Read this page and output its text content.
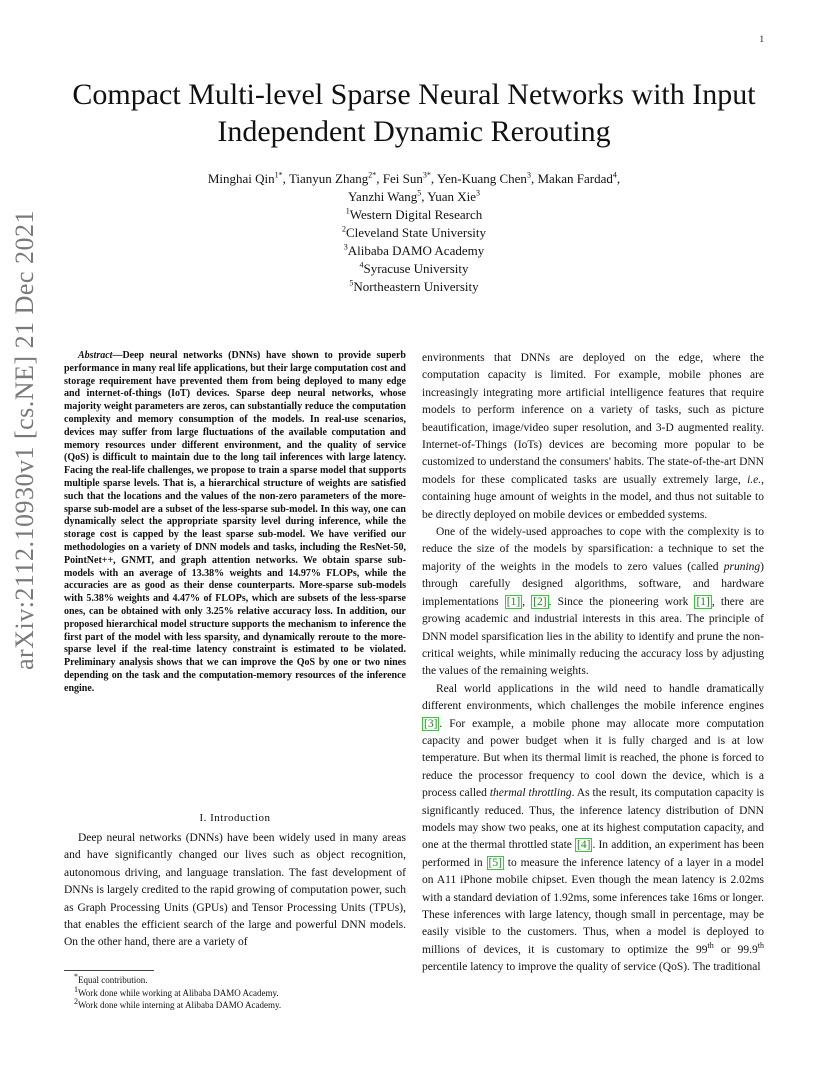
1
arXiv:2112.10930v1 [cs.NE] 21 Dec 2021
Compact Multi-level Sparse Neural Networks with Input Independent Dynamic Rerouting
Minghai Qin$^{1*}$, Tianyun Zhang$^{2*}$, Fei Sun$^{3*}$, Yen-Kuang Chen$^3$, Makan Fardad$^4$,
Yanzhi Wang$^5$, Yuan Xie$^3$
$^1$Western Digital Research
$^2$Cleveland State University
$^3$Alibaba DAMO Academy
$^4$Syracuse University
$^5$Northeastern University
Abstract—Deep neural networks (DNNs) have shown to provide superb performance in many real life applications, but their large computation cost and storage requirement have prevented them from being deployed to many edge and internet-of-things (IoT) devices. Sparse deep neural networks, whose majority weight parameters are zeros, can substantially reduce the computation complexity and memory consumption of the models. In real-use scenarios, devices may suffer from large fluctuations of the available computation and memory resources under different environment, and the quality of service (QoS) is difficult to maintain due to the long tail inferences with large latency. Facing the real-life challenges, we propose to train a sparse model that supports multiple sparse levels. That is, a hierarchical structure of weights are satisfied such that the locations and the values of the non-zero parameters of the more-sparse sub-model are a subset of the less-sparse sub-model. In this way, one can dynamically select the appropriate sparsity level during inference, while the storage cost is capped by the least sparse sub-model. We have verified our methodologies on a variety of DNN models and tasks, including the ResNet-50, PointNet++, GNMT, and graph attention networks. We obtain sparse sub-models with an average of 13.38% weights and 14.97% FLOPs, while the accuracies are as good as their dense counterparts. More-sparse sub-models with 5.38% weights and 4.47% of FLOPs, which are subsets of the less-sparse ones, can be obtained with only 3.25% relative accuracy loss. In addition, our proposed hierarchical model structure supports the mechanism to inference the first part of the model with less sparsity, and dynamically reroute to the more-sparse level if the real-time latency constraint is estimated to be violated. Preliminary analysis shows that we can improve the QoS by one or two nines depending on the task and the computation-memory resources of the inference engine.
I. Introduction

Deep neural networks (DNNs) have been widely used in many areas and have significantly changed our lives such as object recognition, autonomous driving, and language translation. The fast development of DNNs is largely credited to the rapid growing of computation power, such as Graph Processing Units (GPUs) and Tensor Processing Units (TPUs), that enables the efficient search of the large and powerful DNN models. On the other hand, there are a variety of

*Equal contribution.
$^1$Work done while working at Alibaba DAMO Academy.
$^2$Work done while interning at Alibaba DAMO Academy.

environments that DNNs are deployed on the edge, where the computation capacity is limited. For example, mobile phones are increasingly integrating more artificial intelligence features that require models to perform inference on a variety of tasks, such as picture beautification, image/video super resolution, and 3-D augmented reality. Internet-of-Things (IoTs) devices are becoming more popular to be customized to understand the consumers' habits. The state-of-the-art DNN models for these complicated tasks are usually extremely large, i.e., containing huge amount of weights in the model, and thus not suitable to be directly deployed on mobile devices or embedded systems.

One of the widely-used approaches to cope with the complexity is to reduce the size of the models by sparsification: a technique to set the majority of the weights in the models to zero values (called pruning) through carefully designed algorithms, software, and hardware implementations [1] , [2] . Since the pioneering work [1] , there are growing academic and industrial interests in this area. The principle of DNN model sparsification lies in the ability to identify and prune the non-critical weights, while minimally reducing the accuracy loss by adjusting the values of the remaining weights.

Real world applications in the wild need to handle dramatically different environments, which challenges the mobile inference engines [3] . For example, a mobile phone may allocate more computation capacity and power budget when it is fully charged and is at low temperature. But when its thermal limit is reached, the phone is forced to reduce the processor frequency to cool down the device, which is a process called thermal throttling. As the result, its computation capacity is significantly reduced. Thus, the inference latency distribution of DNN models may show two peaks, one at its highest computation capacity, and one at the thermal throttled state [4] . In addition, an experiment has been performed in [5] to measure the inference latency of a layer in a model on A11 iPhone mobile chipset. Even though the mean latency is 2.02ms with a standard deviation of 1.92ms, some inferences take 16ms or longer. These inferences with large latency, though small in percentage, may be easily visible to the customers. Thus, when a model is deployed to millions of devices, it is customary to optimize the 99th or 99.9th percentile latency to improve the quality of service (QoS). The traditional
